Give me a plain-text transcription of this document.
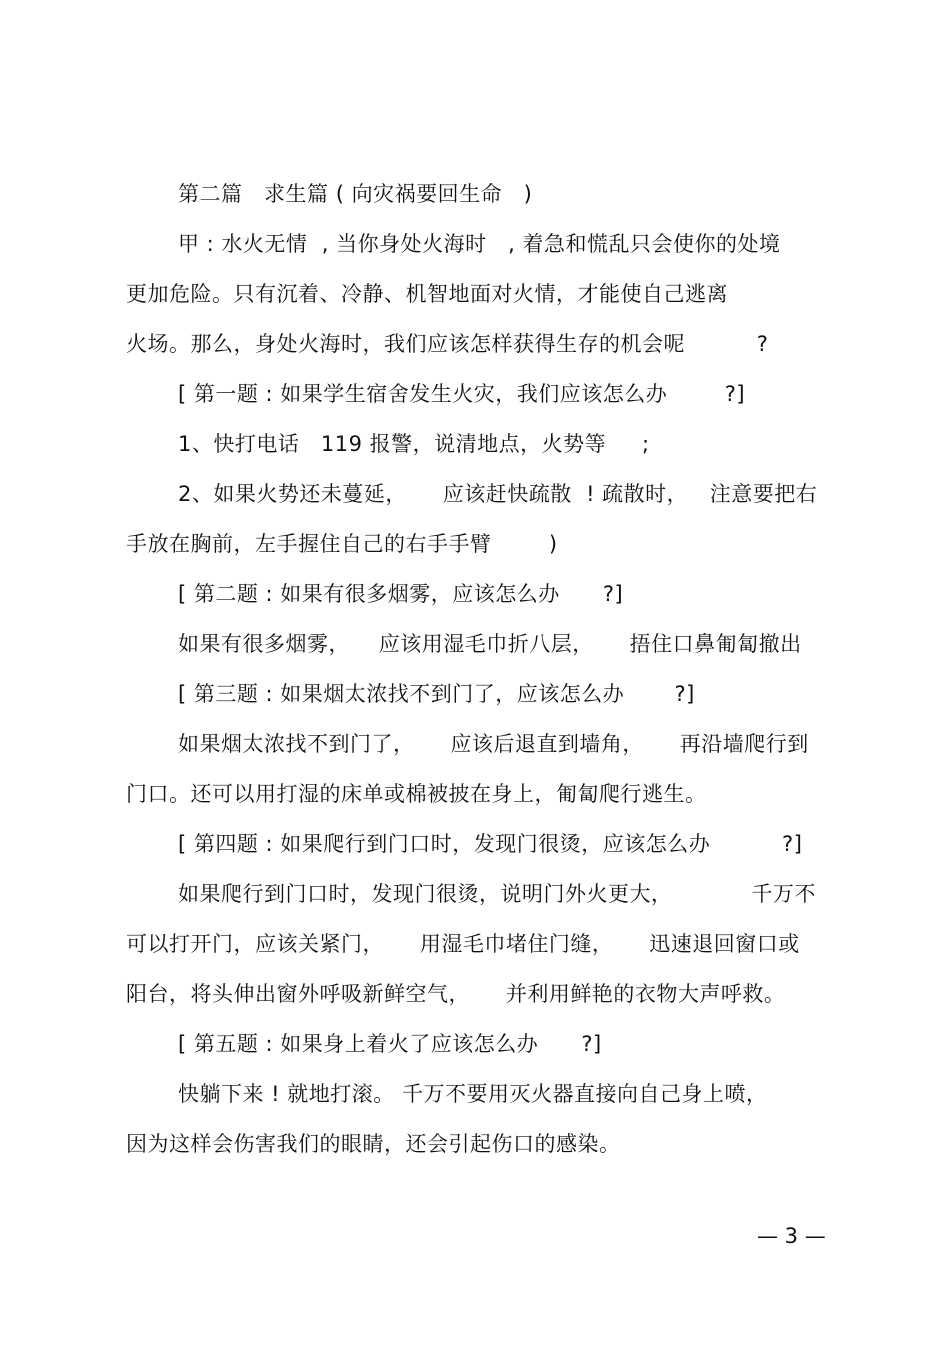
第二篇   求生篇 ( 向灾祸要回生命   )
甲 : 水火无情  , 当你身处火海时   , 着急和慌乱只会使你的处境
更加危险。只有沉着、冷静、机智地面对火情，才能使自己逃离
火场。那么，身处火海时，我们应该怎样获得生存的机会呢          ?
[ 第一题 : 如果学生宿舍发生火灾，我们应该怎么办        ?]
1、快打电话   119 报警，说清地点，火势等     ;
2、如果火势还未蔓延，     应该赶快疏散  ! 疏散时，   注意要把右
手放在胸前，左手握住自己的右手手臂        )
[ 第二题 : 如果有很多烟雾，应该怎么办      ?]
如果有很多烟雾，    应该用湿毛巾折八层，     捂住口鼻匍匐撤出
[ 第三题 : 如果烟太浓找不到门了，应该怎么办       ?]
如果烟太浓找不到门了，     应该后退直到墙角，     再沿墙爬行到
门口。还可以用打湿的床单或棉被披在身上，匍匐爬行逃生。
[ 第四题 : 如果爬行到门口时，发现门很烫，应该怎么办          ?]
如果爬行到门口时，发现门很烫，说明门外火更大，           千万不
可以打开门，应该关紧门，     用湿毛巾堵住门缝，     迅速退回窗口或
阳台，将头伸出窗外呼吸新鲜空气，     并利用鲜艳的衣物大声呼救。
[ 第五题 : 如果身上着火了应该怎么办      ?]
快躺下来 ! 就地打滚。 千万不要用灭火器直接向自己身上喷，
因为这样会伤害我们的眼睛，还会引起伤口的感染。
— 3 —
